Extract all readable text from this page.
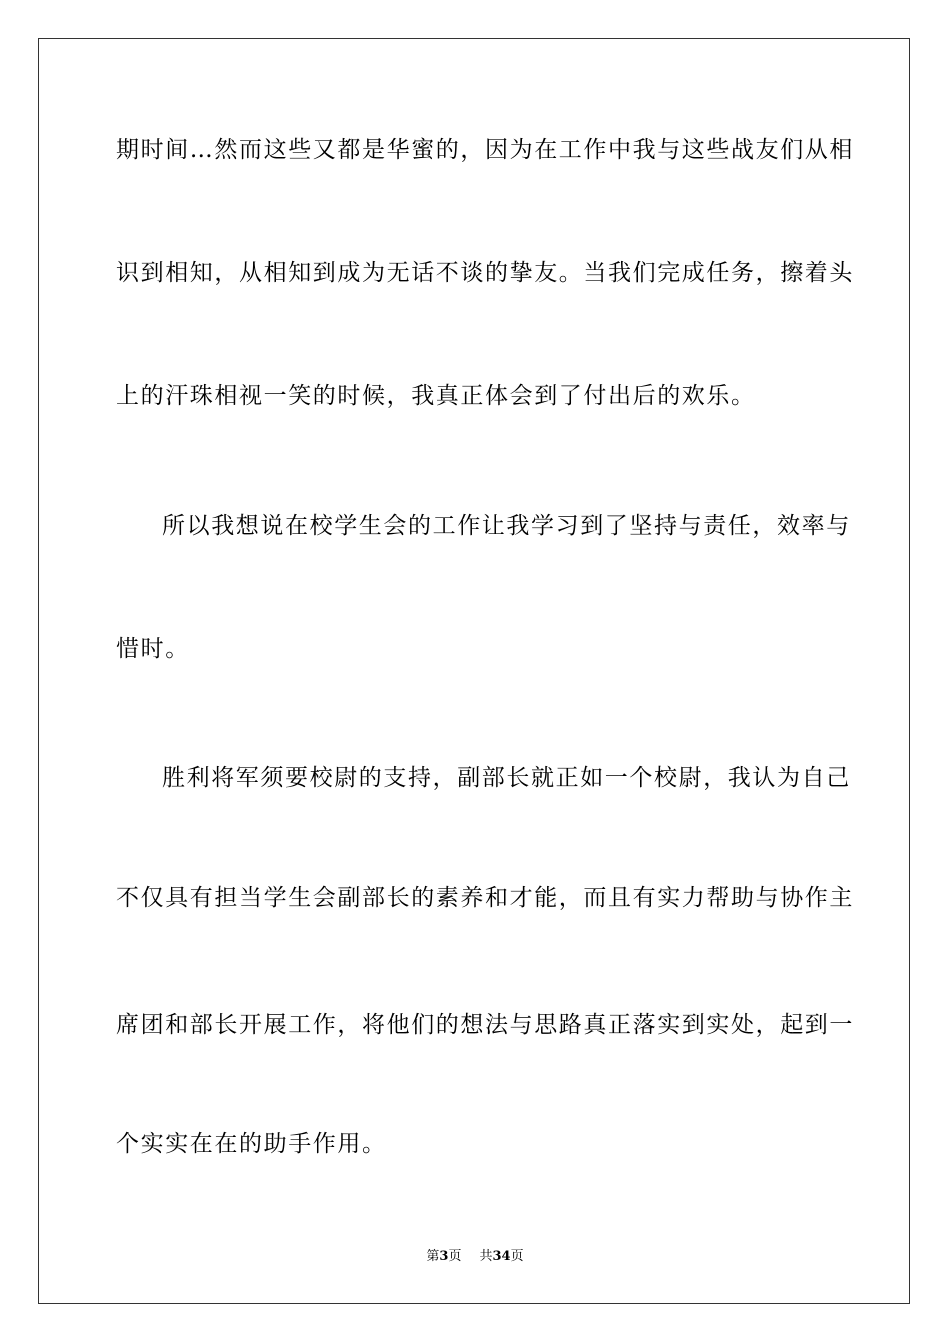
期时间…然而这些又都是华蜜的，因为在工作中我与这些战友们从相
识到相知，从相知到成为无话不谈的挚友。当我们完成任务，擦着头
上的汗珠相视一笑的时候，我真正体会到了付出后的欢乐。
所以我想说在校学生会的工作让我学习到了坚持与责任，效率与
惜时。
胜利将军须要校尉的支持，副部长就正如一个校尉，我认为自己
不仅具有担当学生会副部长的素养和才能，而且有实力帮助与协作主
席团和部长开展工作，将他们的想法与思路真正落实到实处，起到一
个实实在在的助手作用。
第3页 共34页
